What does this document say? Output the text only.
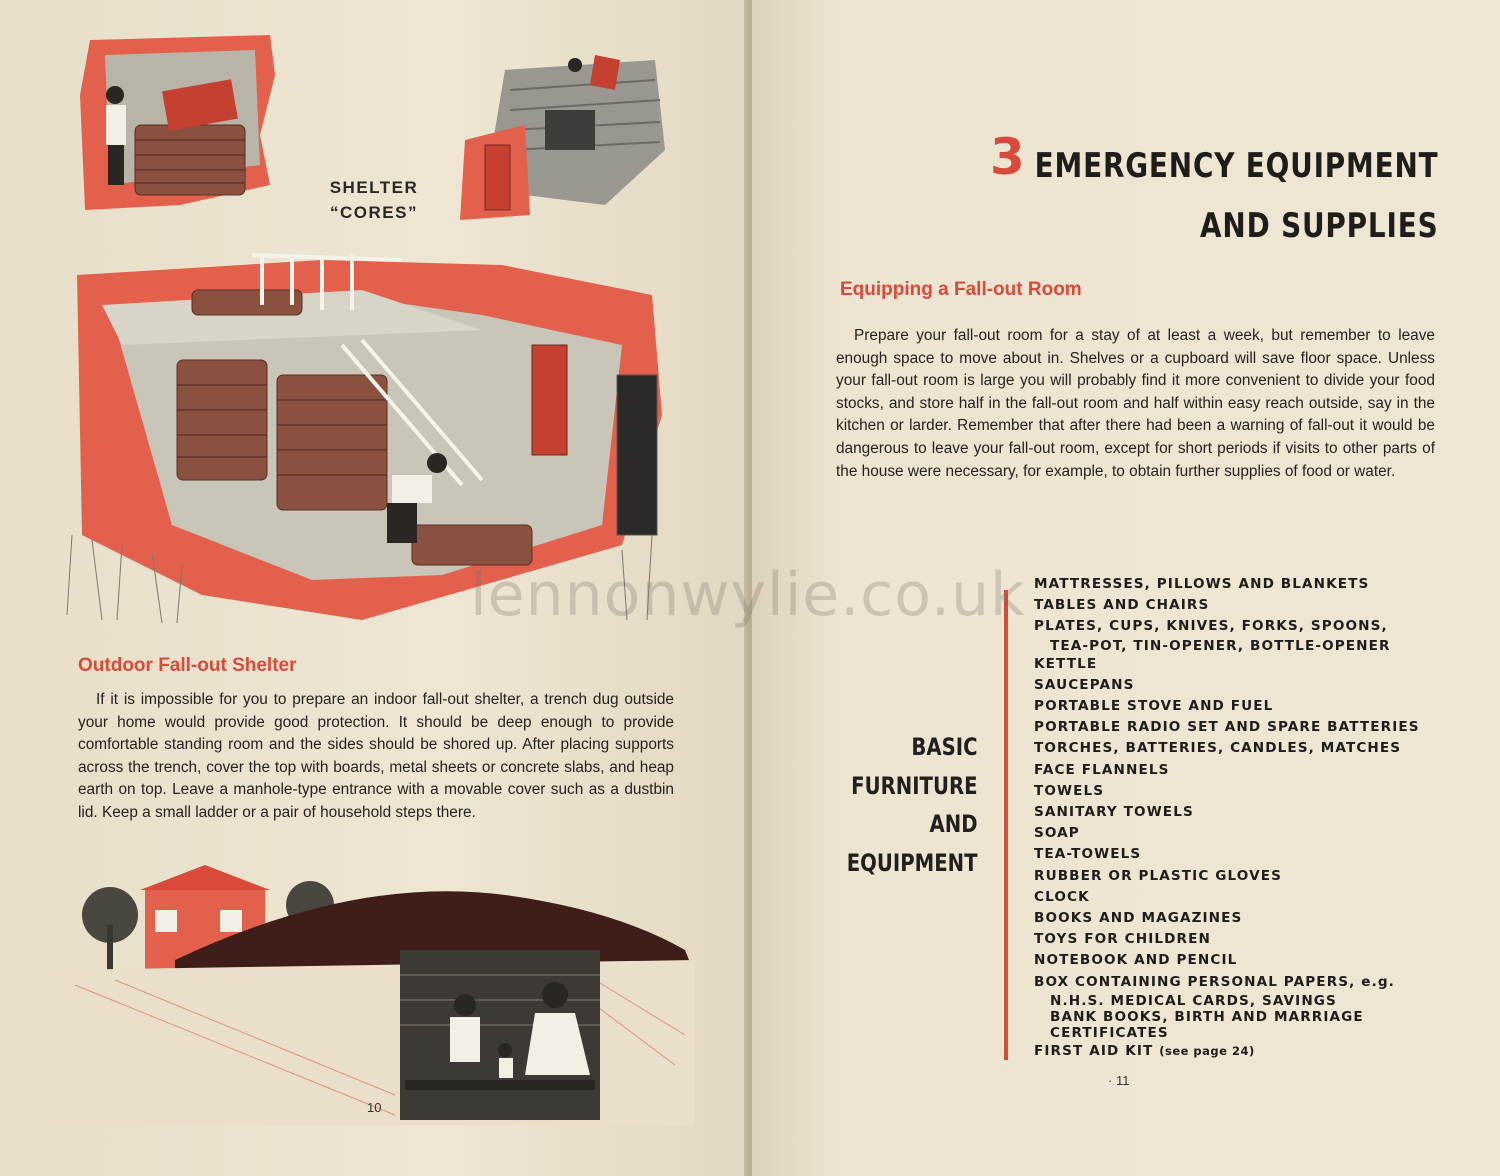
SHELTER
“CORES”
Outdoor Fall-out Shelter

If it is impossible for you to prepare an indoor fall-out shelter, a trench dug outside your home would provide good protection. It should be deep enough to provide comfortable standing room and the sides should be shored up. After placing supports across the trench, cover the top with boards, metal sheets or concrete slabs, and heap earth on top. Leave a manhole-type entrance with a movable cover such as a dustbin lid. Keep a small ladder or a pair of household steps there.

10
3 EMERGENCY EQUIPMENT
AND SUPPLIES
Equipping a Fall-out Room

Prepare your fall-out room for a stay of at least a week, but remember to leave enough space to move about in. Shelves or a cupboard will save floor space. Unless your fall-out room is large you will probably find it more convenient to divide your food stocks, and store half in the fall-out room and half within easy reach outside, say in the kitchen or larder. Remember that after there had been a warning of fall-out it would be dangerous to leave your fall-out room, except for short periods if visits to other parts of the house were necessary, for example, to obtain further supplies of food or water.

BASIC
FURNITURE
AND
EQUIPMENT
MATTRESSES, PILLOWS AND BLANKETS
TABLES AND CHAIRS
PLATES, CUPS, KNIVES, FORKS, SPOONS,
TEA-POT, TIN-OPENER, BOTTLE-OPENER
KETTLE
SAUCEPANS
PORTABLE STOVE AND FUEL
PORTABLE RADIO SET AND SPARE BATTERIES
TORCHES, BATTERIES, CANDLES, MATCHES
FACE FLANNELS
TOWELS
SANITARY TOWELS
SOAP
TEA-TOWELS
RUBBER OR PLASTIC GLOVES
CLOCK
BOOKS AND MAGAZINES
TOYS FOR CHILDREN
NOTEBOOK AND PENCIL
BOX CONTAINING PERSONAL PAPERS, e.g.
N.H.S. MEDICAL CARDS, SAVINGS
BANK BOOKS, BIRTH AND MARRIAGE
CERTIFICATES
FIRST AID KIT (see page 24)
· 11
lennonwylie.co.uk
